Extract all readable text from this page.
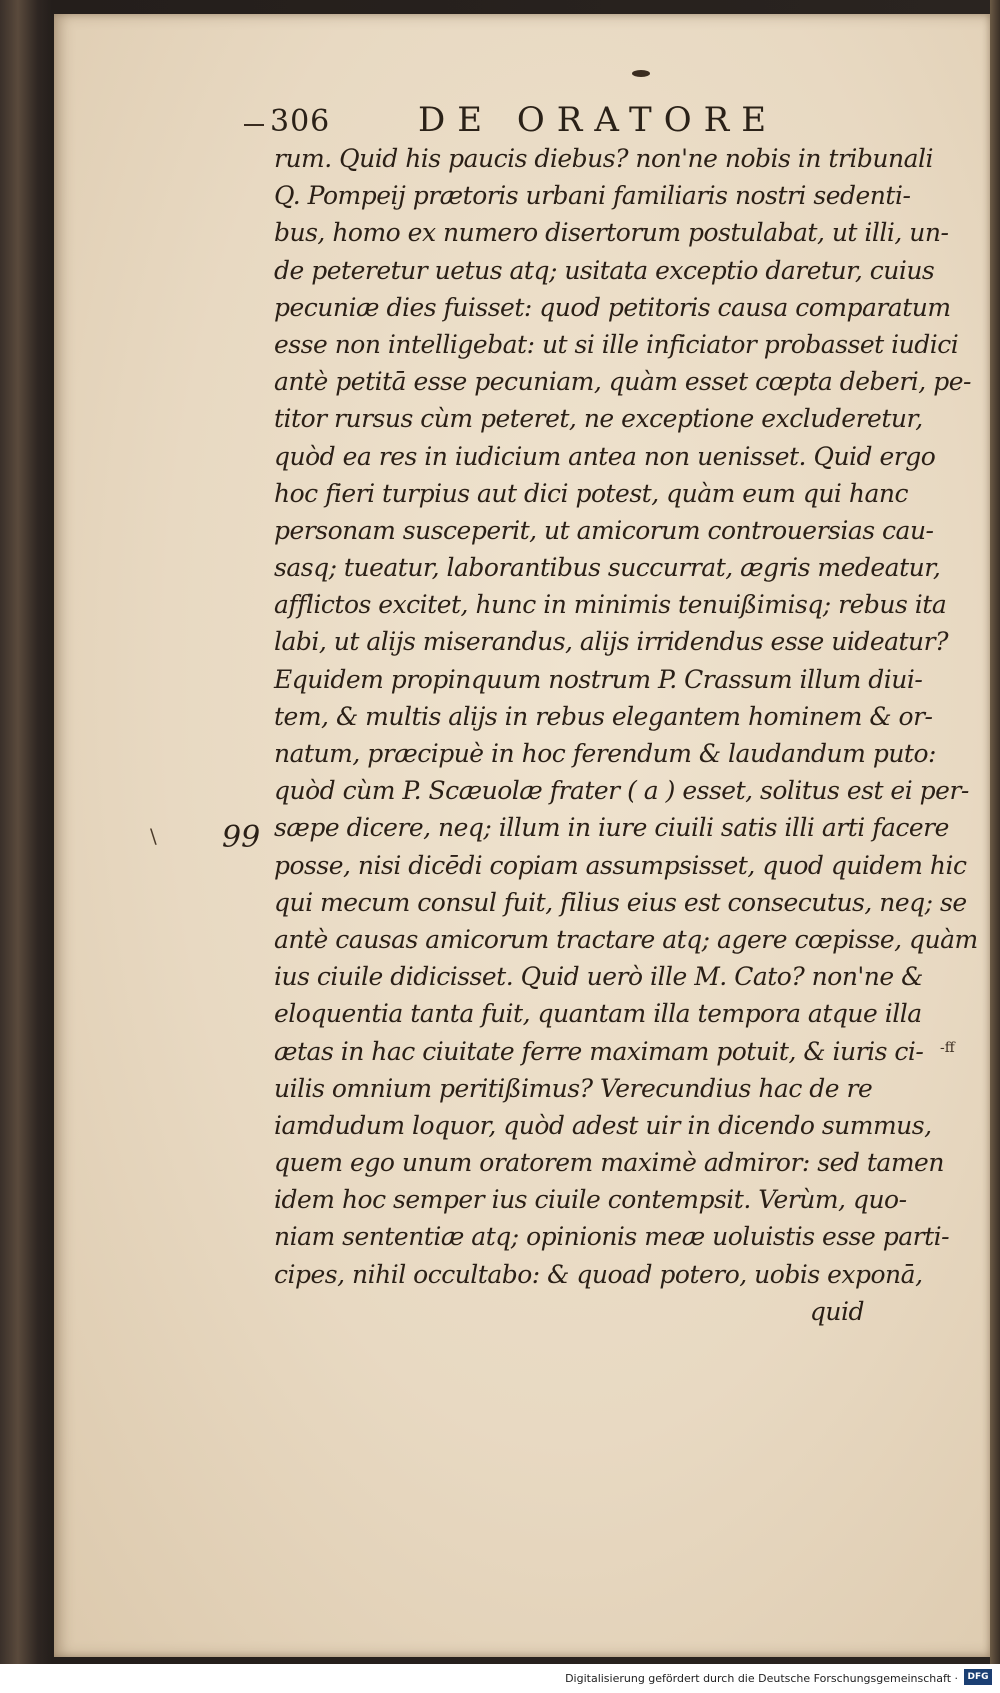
306	DE ORATORE
\ 99
-ff
rum. Quid his paucis diebus? non'ne nobis in tribunali
Q. Pompeij prætoris urbani familiaris nostri sedenti-
bus, homo ex numero disertorum postulabat, ut illi, un-
de peteretur uetus atq; usitata exceptio daretur, cuius
pecuniæ dies fuisset: quod petitoris causa comparatum
esse non intelligebat: ut si ille inficiator probasset iudici
antè petitā esse pecuniam, quàm esset cœpta deberi, pe-
titor rursus cùm peteret, ne exceptione excluderetur,
quòd ea res in iudicium antea non uenisset. Quid ergo
hoc fieri turpius aut dici potest, quàm eum qui hanc
personam susceperit, ut amicorum controuersias cau-
sasq; tueatur, laborantibus succurrat, ægris medeatur,
afflictos excitet, hunc in minimis tenuißimisq; rebus ita
labi, ut alijs miserandus, alijs irridendus esse uideatur?
Equidem propinquum nostrum P. Crassum illum diui-
tem, & multis alijs in rebus elegantem hominem & or-
natum, præcipuè in hoc ferendum & laudandum puto:
quòd cùm P. Scæuolæ frater ( a ) esset, solitus est ei per-
sæpe dicere, neq; illum in iure ciuili satis illi arti facere
posse, nisi dicēdi copiam assumpsisset, quod quidem hic
qui mecum consul fuit, filius eius est consecutus, neq; se
antè causas amicorum tractare atq; agere cœpisse, quàm
ius ciuile didicisset. Quid uerò ille M. Cato? non'ne &
eloquentia tanta fuit, quantam illa tempora atque illa
ætas in hac ciuitate ferre maximam potuit, & iuris ci-
uilis omnium peritißimus? Verecundius hac de re
iamdudum loquor, quòd adest uir in dicendo summus,
quem ego unum oratorem maximè admiror: sed tamen
idem hoc semper ius ciuile contempsit. Verùm, quo-
niam sententiæ atq; opinionis meæ uoluistis esse parti-
cipes, nihil occultabo: & quoad potero, uobis exponā,
quid
Digitalisierung gefördert durch die Deutsche Forschungsgemeinschaft ·	DFG
